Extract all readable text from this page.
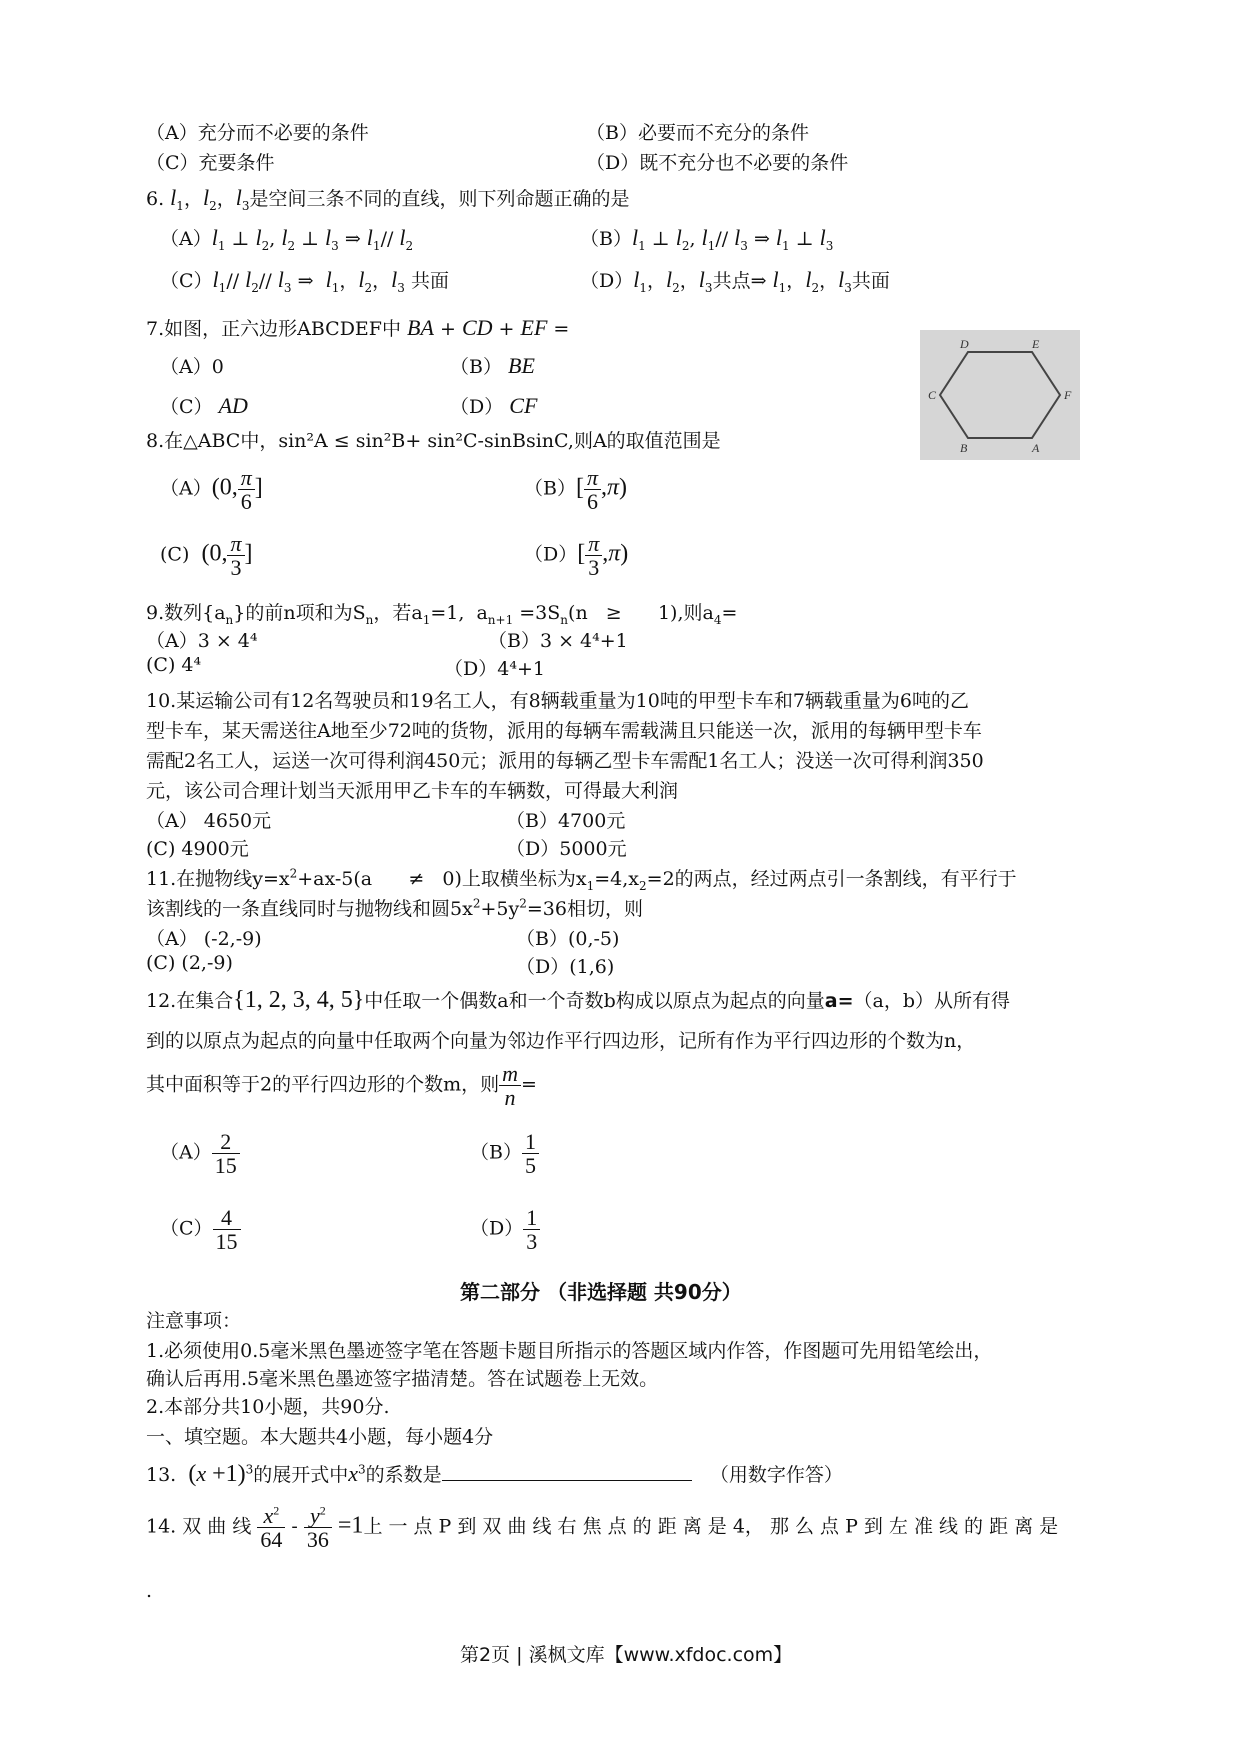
（A）充分而不必要的条件	（B）必要而不充分的条件
（C）充要条件	（D）既不充分也不必要的条件
6. $l_1$，$l_2$，$l_3$是空间三条不同的直线，则下列命题正确的是
$(A)l_1$ ⊥ $l_2$, $l_2$ ⊥ $l_3$ ⇒ $l_1//$ $l_2$	$(B)l_1$ ⊥ $l_2$, $l_1//$ $l_3$ ⇒ $l_1$ ⊥ $l_3$
$(C)l_1//$ $l_2//$ $l_3$ ⇒  $l_1$，$l_2$，$l_3$ 共面	$(D)l_1$，$l_2$，$l_3$共点⇒ $l_1$，$l_2$，$l_3$共面
7.如图，正六边形ABCDEF中 BA + CD + EF =
（A）0	（B） BE
（C） AD	（D） CF
D	E
F
A
B
C
8.在△ABC中，sin²A ≤ sin²B+ sin²C-sinBsinC,则A的取值范围是
（A）(0, $\frac{\pi}{6}$ ]	$(B)[ \frac{\pi}{6} ,\pi)$
(C) (0, $\frac{\pi}{3}$ ]	$(D)[ \frac{\pi}{3} ,\pi)$
9.数列$\{a_n\}$的前n项和为$S_n$，若$a_1=1$,  $a_{n+1} =3S_n(n$   ≥      1),则$a_4=$
（A）3 × 4⁴	（B）3 × 4⁴+1
(C) 4⁴	（D）4⁴+1
10.某运输公司有12名驾驶员和19名工人，有8辆载重量为10吨的甲型卡车和7辆载重量为6吨的乙
型卡车，某天需送往A地至少72吨的货物，派用的每辆车需载满且只能送一次，派用的每辆甲型卡车
需配2名工人，运送一次可得利润450元；派用的每辆乙型卡车需配1名工人；没送一次可得利润350
元，该公司合理计划当天派用甲乙卡车的车辆数，可得最大利润
（A） 4650元	（B）4700元
(C) 4900元	（D）5000元
11.在抛物线$y=x^2+ax-5(a$      ≠   0)上取横坐标为$x_1=4,x_2=2$的两点，经过两点引一条割线，有平行于
该割线的一条直线同时与抛物线和圆$5x^2+5y^2=36$相切，则
（A） (-2,-9)	（B）(0,-5)
(C) (2,-9)	（D）(1,6)
12.在集合{1, 2, 3, 4, 5}中任取一个偶数a和一个奇数b构成以原点为起点的向量a=（a，b）从所有得
到的以原点为起点的向量中任取两个向量为邻边作平行四边形，记所有作为平行四边形的个数为n，
其中面积等于2的平行四边形的个数m，则 $\frac{m}{n}$ =
$(A) \frac{2}{15}$	$(B) \frac{1}{5}$
$(C) \frac{4}{15}$	$(D) \frac{1}{3}$
第二部分 （非选择题 共90分）
注意事项：
1.必须使用0.5毫米黑色墨迹签字笔在答题卡题目所指示的答题区域内作答，作图题可先用铅笔绘出，
确认后再用.5毫米黑色墨迹签字描清楚。答在试题卷上无效。
2.本部分共10小题，共90分.
一、填空题。本大题共4小题，每小题4分
13. $(x +1)^3$的展开式中$x^3$的系数是	（用数字作答）
14. 双 曲 线 $\frac{x^2}{64} - \frac{y^2}{36} =1$上 一 点 P 到 双 曲 线 右 焦 点 的 距 离 是 4， 那 么 点 P 到 左 准 线 的 距 离 是
.
第2页 | 溪枫文库【www.xfdoc.com】
